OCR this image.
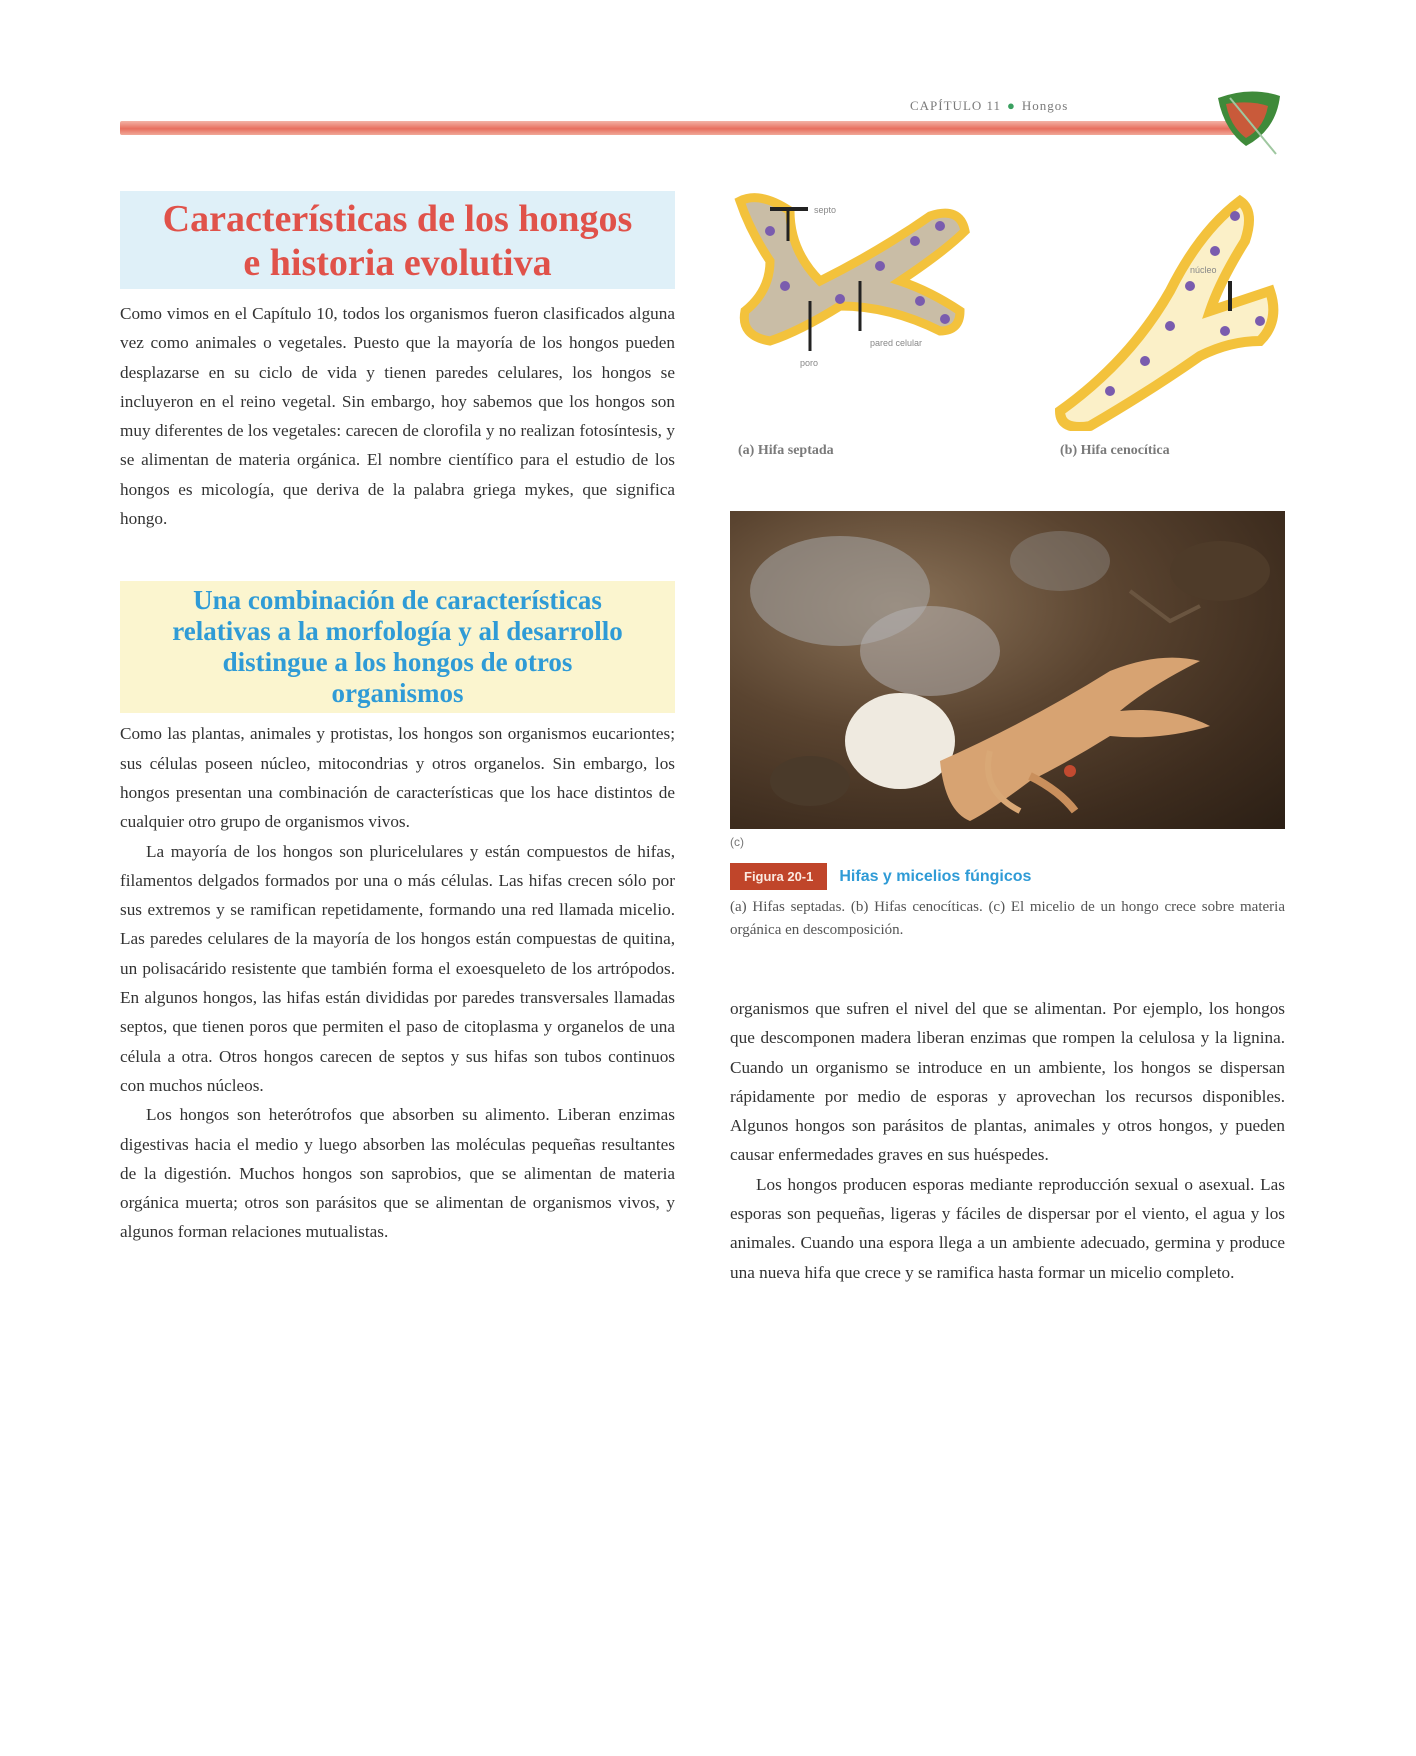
CAPÍTULO 11 ● Hongos
Características de los hongos
e historia evolutiva

Como vimos en el Capítulo 10, todos los organismos fueron clasificados alguna vez como animales o vegetales. Puesto que la mayoría de los hongos pueden desplazarse en su ciclo de vida y tienen paredes celulares, los hongos se incluyeron en el reino vegetal. Sin embargo, hoy sabemos que los hongos son muy diferentes de los vegetales: carecen de clorofila y no realizan fotosíntesis, y se alimentan de materia orgánica. El nombre científico para el estudio de los hongos es micología, que deriva de la palabra griega mykes, que significa hongo.

Una combinación de características
relativas a la morfología y al desarrollo
distingue a los hongos de otros
organismos

Como las plantas, animales y protistas, los hongos son organismos eucariontes; sus células poseen núcleo, mitocondrias y otros organelos. Sin embargo, los hongos presentan una combinación de características que los hace distintos de cualquier otro grupo de organismos vivos.

La mayoría de los hongos son pluricelulares y están compuestos de hifas, filamentos delgados formados por una o más células. Las hifas crecen sólo por sus extremos y se ramifican repetidamente, formando una red llamada micelio. Las paredes celulares de la mayoría de los hongos están compuestas de quitina, un polisacárido resistente que también forma el exoesqueleto de los artrópodos. En algunos hongos, las hifas están divididas por paredes transversales llamadas septos, que tienen poros que permiten el paso de citoplasma y organelos de una célula a otra. Otros hongos carecen de septos y sus hifas son tubos continuos con muchos núcleos.

Los hongos son heterótrofos que absorben su alimento. Liberan enzimas digestivas hacia el medio y luego absorben las moléculas pequeñas resultantes de la digestión. Muchos hongos son saprobios, que se alimentan de materia orgánica muerta; otros son parásitos que se alimentan de organismos vivos, y algunos forman relaciones mutualistas.

septo
poro
pared celular
núcleo
(a) Hifa septada	(b) Hifa cenocítica
(c)
Figura 20-1	Hifas y micelios fúngicos
(a) Hifas septadas. (b) Hifas cenocíticas. (c) El micelio de un hongo crece sobre materia orgánica en descomposición.

organismos que sufren el nivel del que se alimentan. Por ejemplo, los hongos que descomponen madera liberan enzimas que rompen la celulosa y la lignina. Cuando un organismo se introduce en un ambiente, los hongos se dispersan rápidamente por medio de esporas y aprovechan los recursos disponibles. Algunos hongos son parásitos de plantas, animales y otros hongos, y pueden causar enfermedades graves en sus huéspedes.

Los hongos producen esporas mediante reproducción sexual o asexual. Las esporas son pequeñas, ligeras y fáciles de dispersar por el viento, el agua y los animales. Cuando una espora llega a un ambiente adecuado, germina y produce una nueva hifa que crece y se ramifica hasta formar un micelio completo.
